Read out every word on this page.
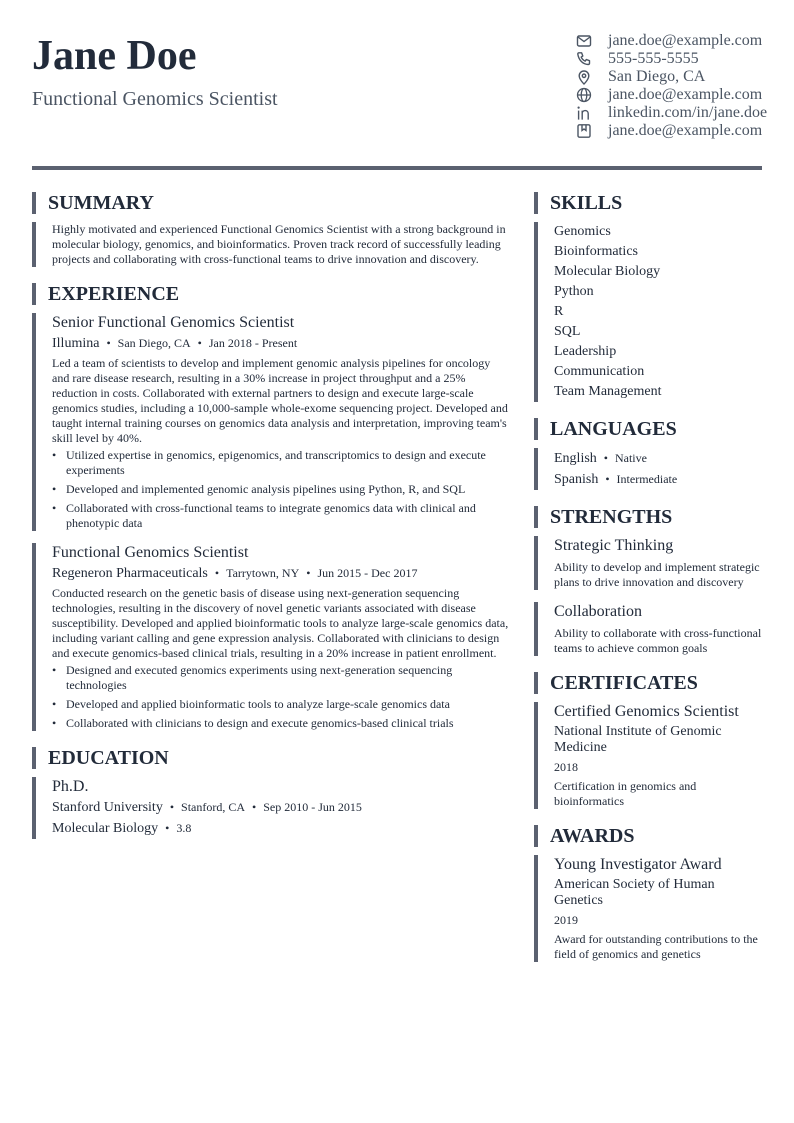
Jane Doe
Functional Genomics Scientist
jane.doe@example.com
555-555-5555
San Diego, CA
jane.doe@example.com
linkedin.com/in/jane.doe
jane.doe@example.com
SUMMARY

Highly motivated and experienced Functional Genomics Scientist with a strong background in molecular biology, genomics, and bioinformatics. Proven track record of successfully leading projects and collaborating with cross-functional teams to drive innovation and discovery.

EXPERIENCE
Senior Functional Genomics Scientist
Illumina • San Diego, CA • Jan 2018 - Present

Led a team of scientists to develop and implement genomic analysis pipelines for oncology and rare disease research, resulting in a 30% increase in project throughput and a 25% reduction in costs. Collaborated with external partners to design and execute large-scale genomics studies, including a 10,000-sample whole-exome sequencing project. Developed and taught internal training courses on genomics data analysis and interpretation, improving team's skill level by 40%.

• Utilized expertise in genomics, epigenomics, and transcriptomics to design and execute experiments
• Developed and implemented genomic analysis pipelines using Python, R, and SQL
• Collaborated with cross-functional teams to integrate genomics data with clinical and phenotypic data
Functional Genomics Scientist
Regeneron Pharmaceuticals • Tarrytown, NY • Jun 2015 - Dec 2017

Conducted research on the genetic basis of disease using next-generation sequencing technologies, resulting in the discovery of novel genetic variants associated with disease susceptibility. Developed and applied bioinformatic tools to analyze large-scale genomics data, including variant calling and gene expression analysis. Collaborated with clinicians to design and execute genomics-based clinical trials, resulting in a 20% increase in patient enrollment.

• Designed and executed genomics experiments using next-generation sequencing technologies
• Developed and applied bioinformatic tools to analyze large-scale genomics data
• Collaborated with clinicians to design and execute genomics-based clinical trials
EDUCATION
Ph.D.
Stanford University • Stanford, CA • Sep 2010 - Jun 2015
Molecular Biology • 3.8
SKILLS
Genomics
Bioinformatics
Molecular Biology
Python
R
SQL
Leadership
Communication
Team Management
LANGUAGES
English • Native
Spanish • Intermediate
STRENGTHS
Strategic Thinking
Ability to develop and implement strategic plans to drive innovation and discovery
Collaboration
Ability to collaborate with cross-functional teams to achieve common goals
CERTIFICATES
Certified Genomics Scientist
National Institute of Genomic Medicine
2018
Certification in genomics and bioinformatics
AWARDS
Young Investigator Award
American Society of Human Genetics
2019
Award for outstanding contributions to the field of genomics and genetics
